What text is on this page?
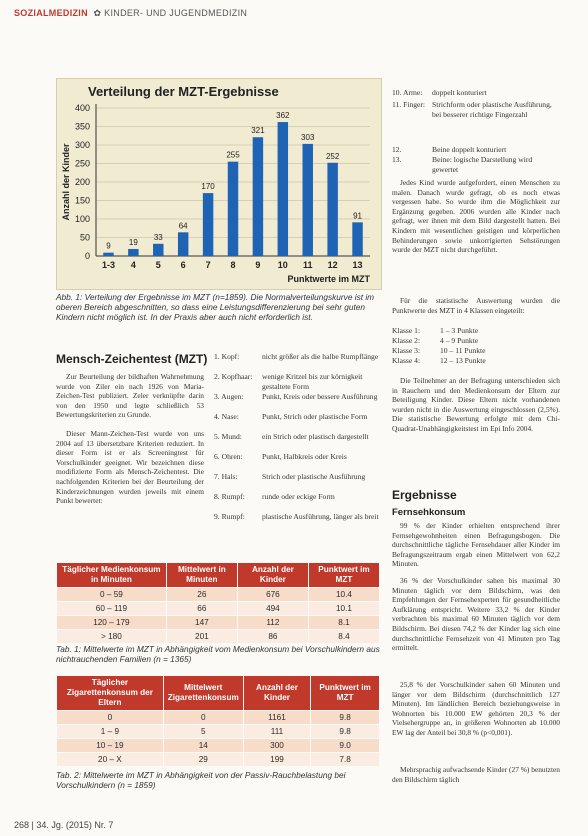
SOZIALMEDIZIN  ✿ KINDER- UND JUGENDMEDIZIN
Verteilung der MZT-Ergebnisse
0
50
100
150
200
250
300
350
400
9
1-3
19
4
33
5
64
6
170
7
255
8
321
9
362
10
303
11
252
12
91
13
Anzahl der Kinder
Punktwerte im MZT
Abb. 1: Verteilung der Ergebnisse im MZT (n=1859). Die Normalverteilungskurve ist im oberen Bereich abgeschnitten, so dass eine Leistungsdifferenzierung bei sehr guten Kindern nicht möglich ist. In der Praxis aber auch nicht erforderlich ist.
Mensch-Zeichentest (MZT)
Zur Beurteilung der bildhaften Wahrnehmung wurde von Ziler ein nach 1926 von Maria-Zeichen-Test publiziert. Zeler verknüpfte darin von den 1950 und legte schließlich 53 Bewertungskriterien zu Grunde.
Dieser Mann-Zeichen-Test wurde von uns 2004 auf 13 übersetzbare Kriterien reduziert. In dieser Form ist er als Screeningtest für Vorschulkinder geeignet. Wir bezeichnen diese modifizierte Form als Mensch-Zeichentest. Die nachfolgenden Kriterien bei der Beurteilung der Kinderzeichnungen wurden jeweils mit einem Punkt bewertet:
1. Kopf:	nicht größer als die halbe Rumpflänge
2. Kopfhaar:	wenige Kritzel bis zur körnigkeit gestaltete Form
3. Augen:	Punkt, Kreis oder bessere Ausführung
4. Nase:	Punkt, Strich oder plastische Form
5. Mund:	ein Strich oder plastisch dargestellt
6. Ohren:	Punkt, Halbkreis oder Kreis
7. Hals:	Strich oder plastische Ausführung
8. Rumpf:	runde oder eckige Form
9. Rumpf:	plastische Ausführung, länger als breit
Täglicher Medienkonsum in Minuten	Mittelwert in Minuten	Anzahl der Kinder	Punktwert im MZT
0 – 59	26	676	10.4
60 – 119	66	494	10.1
120 – 179	147	112	8.1
> 180	201	86	8.4
Tab. 1: Mittelwerte im MZT in Abhängigkeit vom Medienkonsum bei Vorschulkindern aus nichtrauchenden Familien (n = 1365)
Täglicher Zigarettenkonsum der Eltern	Mittelwert Zigarettenkonsum	Anzahl der Kinder	Punktwert im MZT
0	0	1161	9.8
1 – 9	5	111	9.8
10 – 19	14	300	9.0
20 – X	29	199	7.8
Tab. 2: Mittelwerte im MZT in Abhängigkeit von der Passiv-Rauchbelastung bei Vorschulkindern (n = 1859)
10. Arme:	doppelt konturiert
11. Finger: Strichform oder plastische Ausführung, bei besserer richtige Fingerzahl
12.	Beine doppelt konturiert
13.	Beine: logische Darstellung wird gewertet
Jedes Kind wurde aufgefordert, einen Menschen zu malen. Danach wurde gefragt, ob es noch etwas vergessen habe. So wurde ihm die Möglichkeit zur Ergänzung gegeben. 2006 wurden alle Kinder nach gefragt, wer ihnen mit dem Bild dargestellt hatten. Bei Kindern mit wesentlichen geistigen und körperlichen Behinderungen sowie unkorrigierten Sehstörungen wurde der MZT nicht durchgeführt.
Für die statistische Auswertung wurden die Punktwerte des MZT in 4 Klassen eingeteilt:
Klasse 1:	1 – 3 Punkte
Klasse 2:	4 – 9 Punkte
Klasse 3:	10 – 11 Punkte
Klasse 4:	12 – 13 Punkte
Die Teilnehmer an der Befragung unterschieden sich in Rauchern und den Medienkonsum der Eltern zur Beteiligung Kinder. Diese Eltern nicht vorhandenen wurden nicht in die Auswertung eingeschlossen (2,5%). Die statistische Bewertung erfolgte mit dem Chi-Quadrat-Unabhängigkeitstest im Epi Info 2004.
Ergebnisse
Fernsehkonsum
99 % der Kinder erhielten entsprechend ihrer Fernsehgewohnheiten einen Befragungsbogen. Die durchschnittliche tägliche Fernsehdauer aller Kinder im Befragungszeitraum ergab einen Mittelwert von 62,2 Minuten.
36 % der Vorschulkinder sahen bis maximal 30 Minuten täglich vor dem Bildschirm, was den Empfehlungen der Fernsehexperten für gesundheitliche Aufklärung entspricht. Weitere 33,2 % der Kinder verbrachten bis maximal 60 Minuten täglich vor dem Bildschirm. Bei diesen 74,2 % der Kinder lag sich eine durchschnittliche Fernsehzeit von 41 Minuten pro Tag ermittelt.
25,8 % der Vorschulkinder sahen 60 Minuten und länger vor dem Bildschirm (durchschnittlich 127 Minuten). Im ländlichen Bereich beziehungsweise in Wohnorten bis 10.000 EW gehörten 20,3 % der Vielsehergruppe an, in größeren Wohnorten ab 10.000 EW lag der Anteil bei 30,8 % (p<0,001).
Mehrsprachig aufwachsende Kinder (27 %) benutzten den Bildschirm täglich
268 | 34. Jg. (2015) Nr. 7
